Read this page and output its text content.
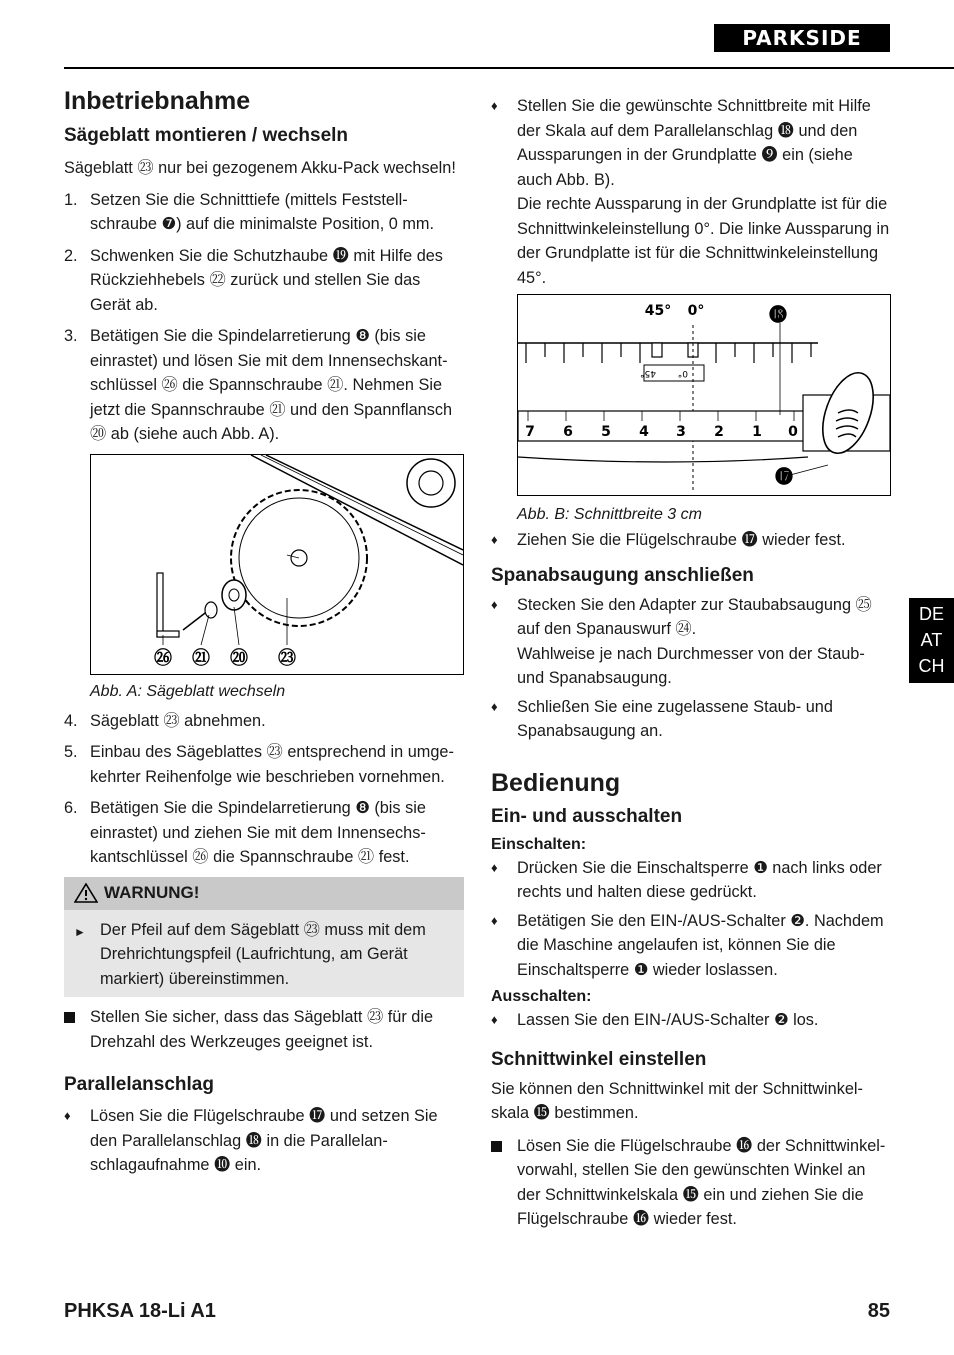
PARKSIDE
Inbetriebnahme
Sägeblatt montieren / wechseln

Sägeblatt ㉓ nur bei gezogenem Akku-Pack wechseln!

1. Setzen Sie die Schnitttiefe (mittels Feststellschraube ❼) auf die minimalste Position, 0 mm.
2. Schwenken Sie die Schutzhaube ⓳ mit Hilfe des Rückziehhebels ㉒ zurück und stellen Sie das Gerät ab.
3. Betätigen Sie die Spindelarretierung ❽ (bis sie einrastet) und lösen Sie mit dem Innensechskantschlüssel ㉖ die Spannschraube ㉑. Nehmen Sie jetzt die Spannschraube ㉑ und den Spannflansch ⑳ ab (siehe auch Abb. A).
㉖ ㉑ ⑳ ㉓
Abb. A: Sägeblatt wechseln
4. Sägeblatt ㉓ abnehmen.
5. Einbau des Sägeblattes ㉓ entsprechend in umgekehrter Reihenfolge wie beschrieben vornehmen.
6. Betätigen Sie die Spindelarretierung ❽ (bis sie einrastet) und ziehen Sie mit dem Innensechskantschlüssel ㉖ die Spannschraube ㉑ fest.
WARNUNG!
► Der Pfeil auf dem Sägeblatt ㉓ muss mit dem Drehrichtungspfeil (Laufrichtung, am Gerät markiert) übereinstimmen.
Stellen Sie sicher, dass das Sägeblatt ㉓ für die Drehzahl des Werkzeuges geeignet ist.
Parallelanschlag
♦	Lösen Sie die Flügelschraube ⓱ und setzen Sie den Parallelanschlag ⓲ in die Parallelanschlagaufnahme ❿ ein.
♦	Stellen Sie die gewünschte Schnittbreite mit Hilfe der Skala auf dem Parallelanschlag ⓲ und den Aussparungen in der Grundplatte ❾ ein (siehe auch Abb. B).
Die rechte Aussparung in der Grundplatte ist für die Schnittwinkeleinstellung 0°. Die linke Aussparung in der Grundplatte ist für die Schnittwinkeleinstellung 45°.
45° 0°
45° 0°
7 6 5 4 3 2 1 0
⓲
⓱
Abb. B: Schnittbreite 3 cm
♦	Ziehen Sie die Flügelschraube ⓱ wieder fest.
Spanabsaugung anschließen
♦	Stecken Sie den Adapter zur Staubabsaugung ㉕ auf den Spanauswurf ㉔.
Wahlweise je nach Durchmesser von der Staub- und Spanabsaugung.
♦	Schließen Sie eine zugelassene Staub- und Spanabsaugung an.
Bedienung
Ein- und ausschalten
Einschalten:
♦	Drücken Sie die Einschaltsperre ❶ nach links oder rechts und halten diese gedrückt.
♦	Betätigen Sie den EIN-/AUS-Schalter ❷. Nachdem die Maschine angelaufen ist, können Sie die Einschaltsperre ❶ wieder loslassen.
Ausschalten:
♦	Lassen Sie den EIN-/AUS-Schalter ❷ los.
Schnittwinkel einstellen

Sie können den Schnittwinkel mit der Schnittwinkelskala ⓯ bestimmen.

Lösen Sie die Flügelschraube ⓰ der Schnittwinkelvorwahl, stellen Sie den gewünschten Winkel an der Schnittwinkelskala ⓯ ein und ziehen Sie die Flügelschraube ⓰ wieder fest.
DE
AT
CH
PHKSA 18-Li A1	85
